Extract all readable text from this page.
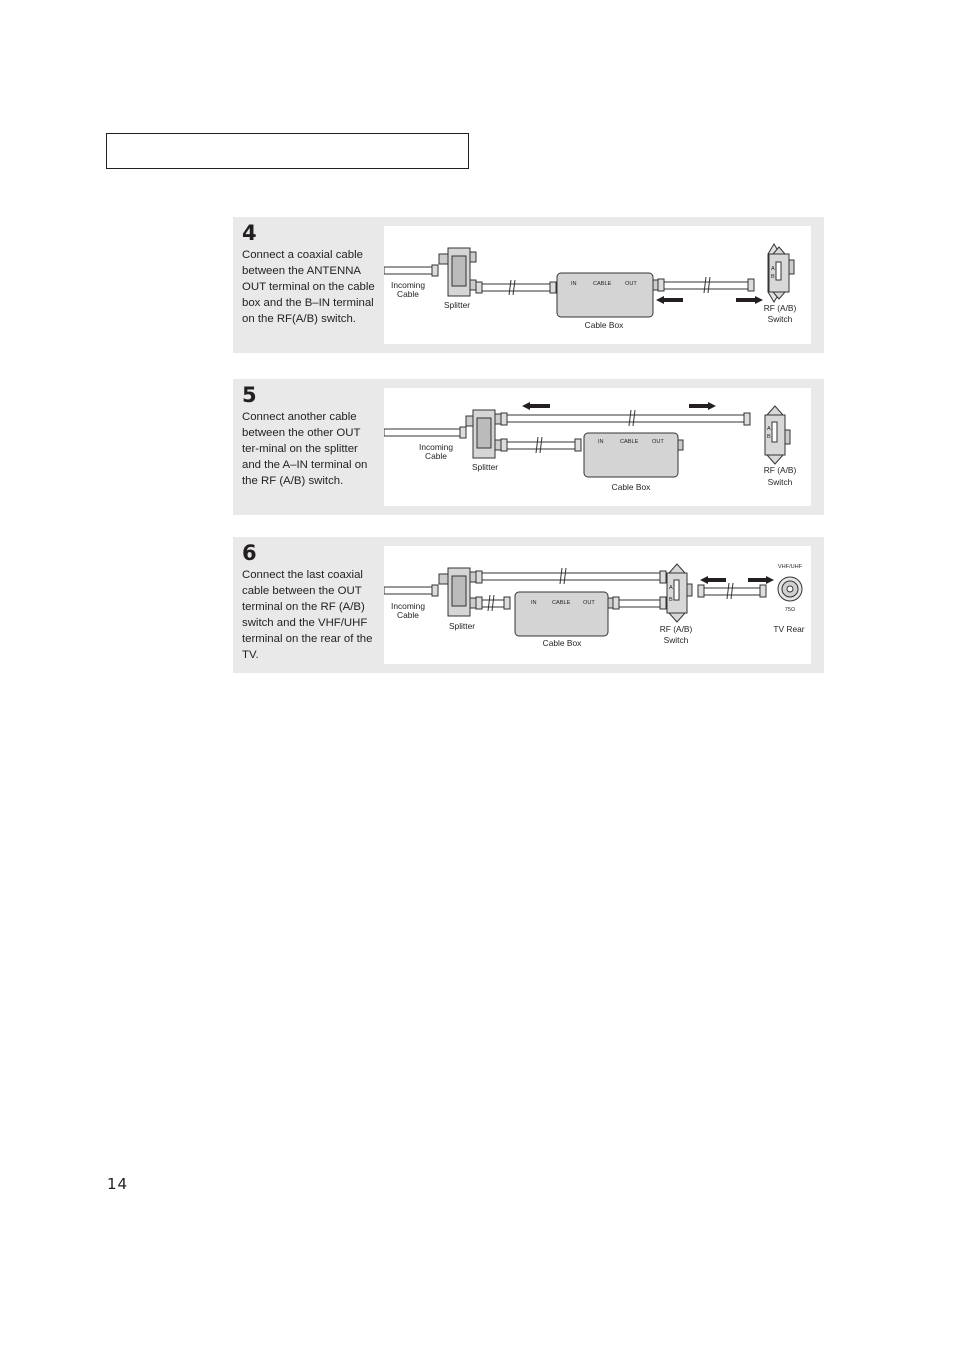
4
Connect a coaxial cable between the ANTENNA OUT terminal on the cable box and the B–IN terminal on the RF(A/B) switch.
IN	CABLE OUT
A
B
Incoming
Cable
Splitter
Cable Box
RF (A/B)
Switch
5
Connect another cable between the other OUT ter-minal on the splitter and the A–IN terminal on the RF (A/B) switch.
IN	CABLE OUT
A
B
Incoming
Cable
Splitter
Cable Box
RF (A/B)
Switch
6
Connect the last coaxial cable between the OUT terminal on the RF (A/B) switch and the VHF/UHF terminal on the rear of the TV.
IN	CABLE OUT
A
B
VHF/UHF
75Ω
Incoming
Cable
Splitter
Cable Box
RF (A/B)
Switch
TV Rear
14
